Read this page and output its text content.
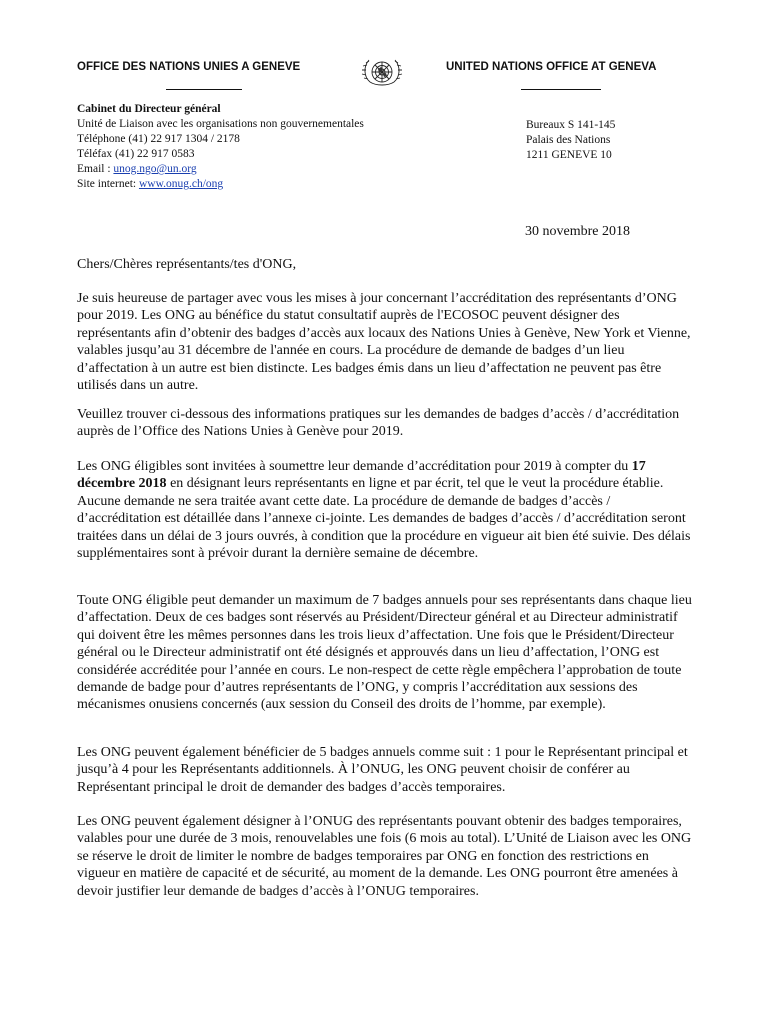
OFFICE DES NATIONS UNIES A GENEVE	UNITED NATIONS OFFICE AT GENEVA
Cabinet du Directeur général
Unité de Liaison avec les organisations non gouvernementales
Téléphone (41) 22 917 1304 / 2178
Téléfax (41) 22 917 0583
Email : unog.ngo@un.org
Site internet: www.onug.ch/ong
Bureaux S 141-145
Palais des Nations
1211 GENEVE 10
30 novembre 2018
Chers/Chères représentants/tes d'ONG,

Je suis heureuse de partager avec vous les mises à jour concernant l’accréditation des représentants d’ONG pour 2019. Les ONG au bénéfice du statut consultatif auprès de l'ECOSOC peuvent désigner des représentants afin d’obtenir des badges d’accès aux locaux des Nations Unies à Genève, New York et Vienne, valables jusqu’au 31 décembre de l'année en cours. La procédure de demande de badges d’un lieu d’affectation à un autre est bien distincte. Les badges émis dans un lieu d’affectation ne peuvent pas être utilisés dans un autre.

Veuillez trouver ci-dessous des informations pratiques sur les demandes de badges d’accès / d’accréditation auprès de l’Office des Nations Unies à Genève pour 2019.

Les ONG éligibles sont invitées à soumettre leur demande d’accréditation pour 2019 à compter du 17 décembre 2018 en désignant leurs représentants en ligne et par écrit, tel que le veut la procédure établie. Aucune demande ne sera traitée avant cette date. La procédure de demande de badges d’accès / d’accréditation est détaillée dans l’annexe ci-jointe. Les demandes de badges d’accès / d’accréditation seront traitées dans un délai de 3 jours ouvrés, à condition que la procédure en vigueur ait bien été suivie. Des délais supplémentaires sont à prévoir durant la dernière semaine de décembre.

Toute ONG éligible peut demander un maximum de 7 badges annuels pour ses représentants dans chaque lieu d’affectation. Deux de ces badges sont réservés au Président/Directeur général et au Directeur administratif qui doivent être les mêmes personnes dans les trois lieux d’affectation. Une fois que le Président/Directeur général ou le Directeur administratif ont été désignés et approuvés dans un lieu d’affectation, l’ONG est considérée accréditée pour l’année en cours. Le non-respect de cette règle empêchera l’approbation de toute demande de badge pour d’autres représentants de l’ONG, y compris l’accréditation aux sessions des mécanismes onusiens concernés (aux session du Conseil des droits de l’homme, par exemple).

Les ONG peuvent également bénéficier de 5 badges annuels comme suit : 1 pour le Représentant principal et jusqu’à 4 pour les Représentants additionnels. À l’ONUG, les ONG peuvent choisir de conférer au Représentant principal le droit de demander des badges d’accès temporaires.

Les ONG peuvent également désigner à l’ONUG des représentants pouvant obtenir des badges temporaires, valables pour une durée de 3 mois, renouvelables une fois (6 mois au total). L’Unité de Liaison avec les ONG se réserve le droit de limiter le nombre de badges temporaires par ONG en fonction des restrictions en vigueur en matière de capacité et de sécurité, au moment de la demande. Les ONG pourront être amenées à devoir justifier leur demande de badges d’accès à l’ONUG temporaires.
